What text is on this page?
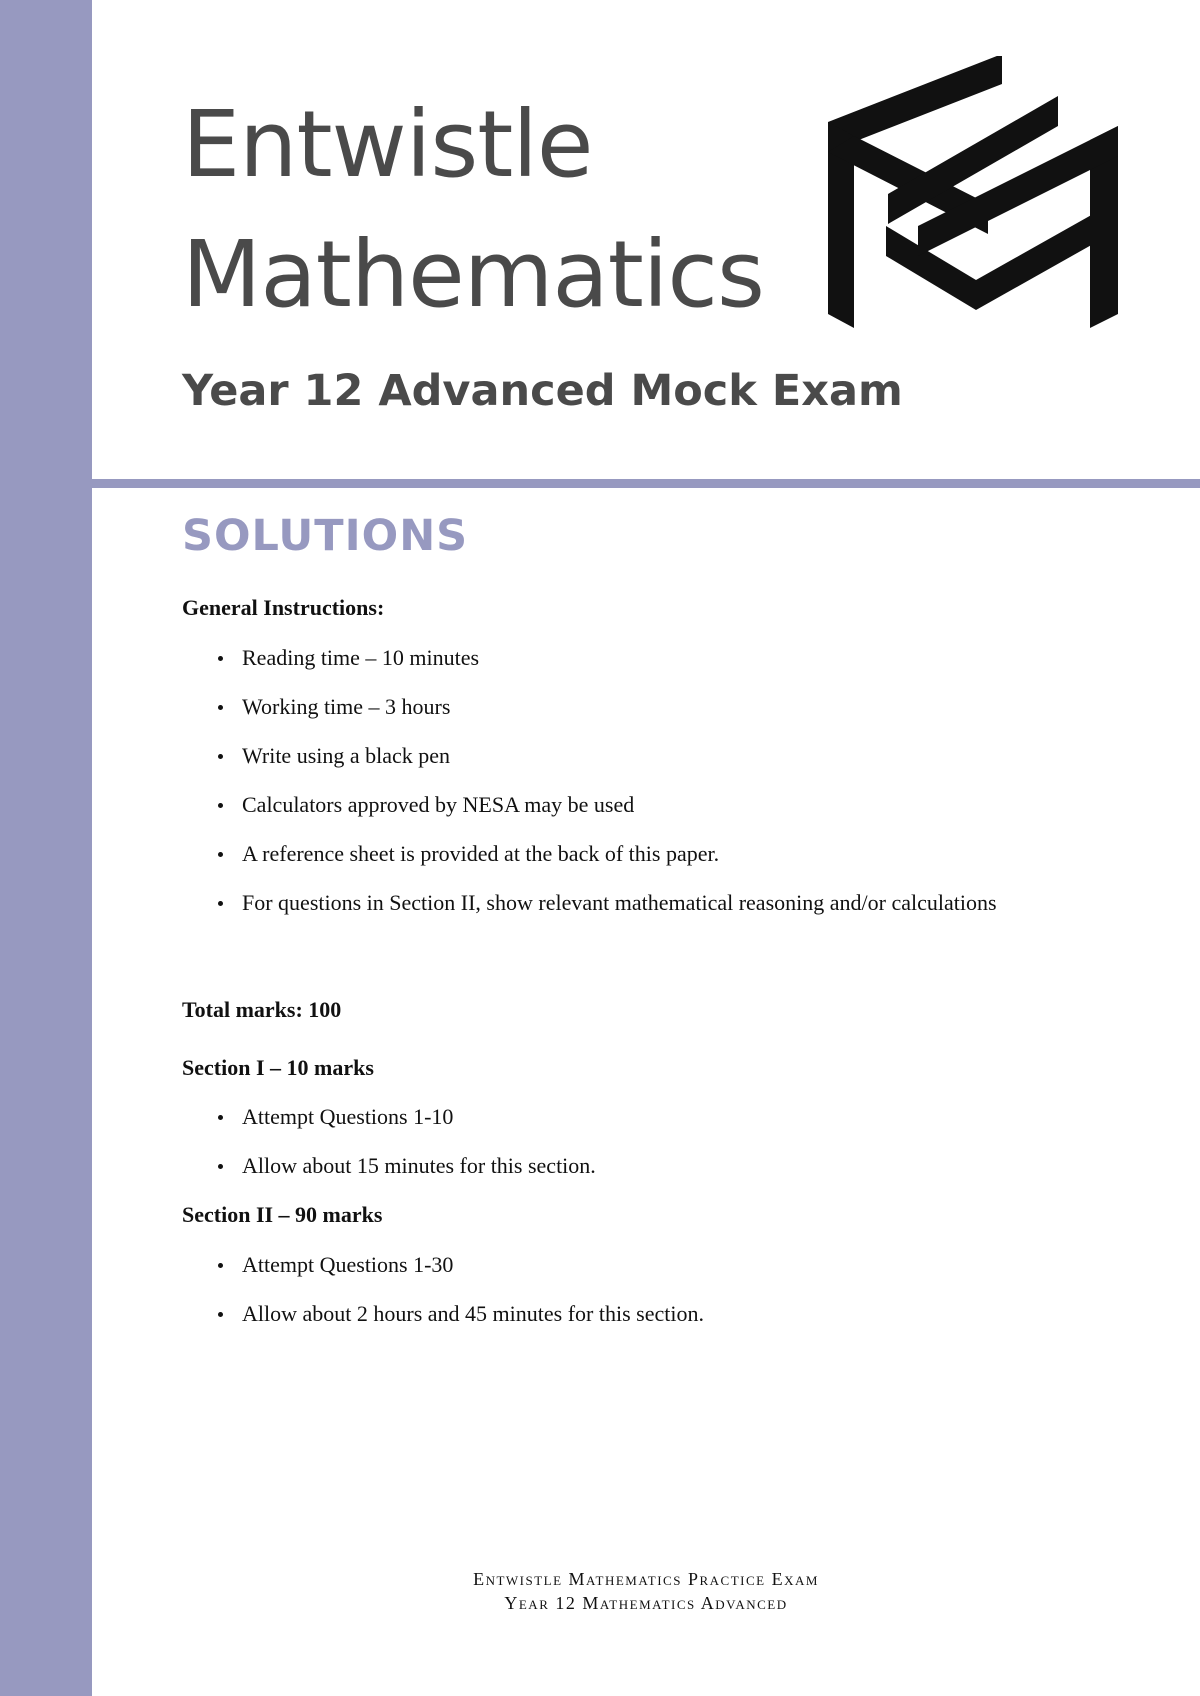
Entwistle
Mathematics
Year 12 Advanced Mock Exam
SOLUTIONS
General Instructions:
Reading time – 10 minutes
Working time – 3 hours
Write using a black pen
Calculators approved by NESA may be used
A reference sheet is provided at the back of this paper.
For questions in Section II, show relevant mathematical reasoning and/or calculations
Total marks: 100
Section I – 10 marks
Attempt Questions 1-10
Allow about 15 minutes for this section.
Section II – 90 marks
Attempt Questions 1-30
Allow about 2 hours and 45 minutes for this section.
Entwistle Mathematics Practice Exam
Year 12 Mathematics Advanced
